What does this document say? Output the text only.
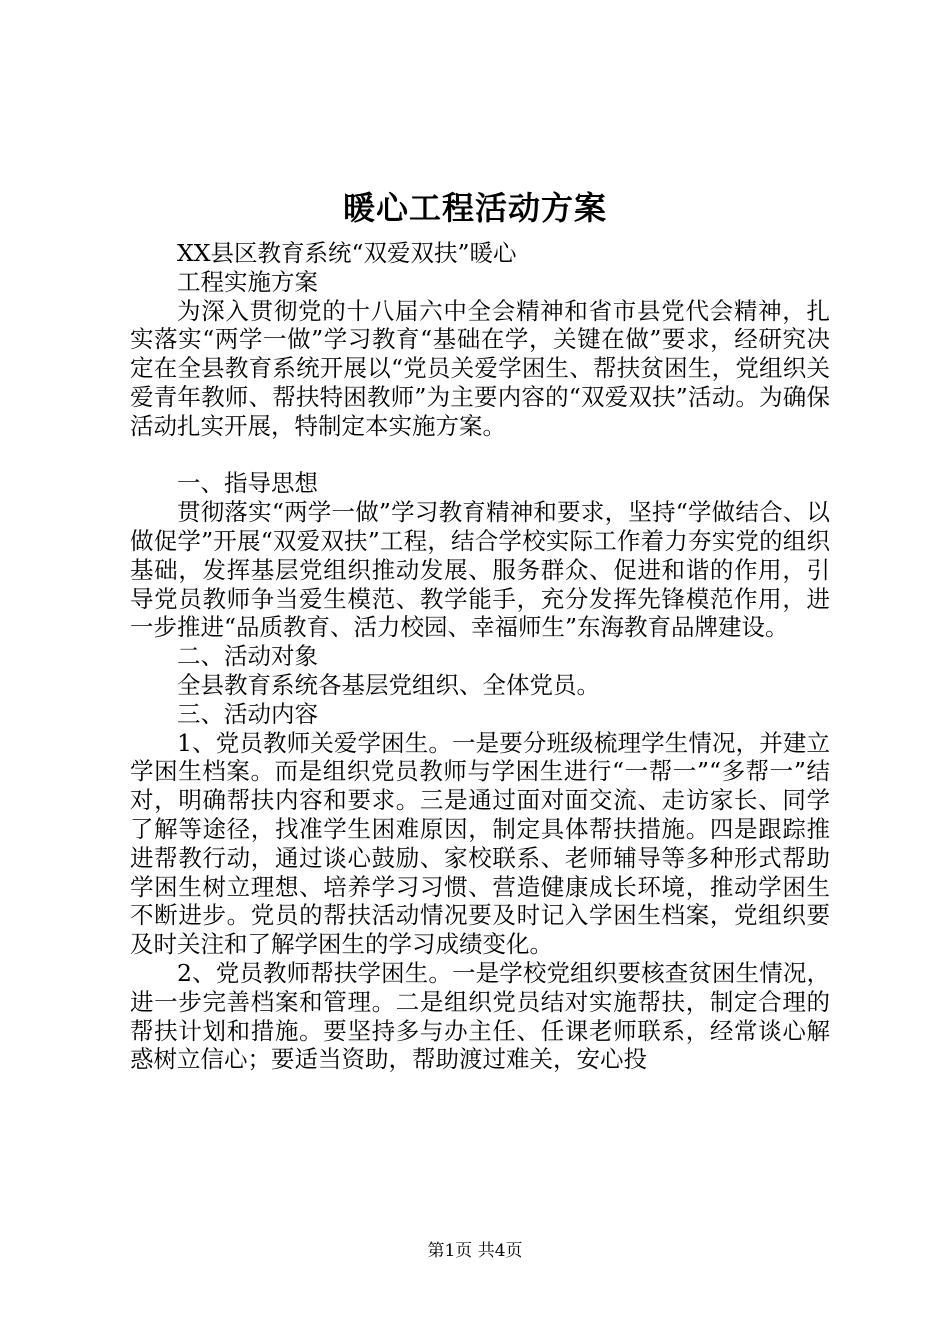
暖心工程活动方案

XX县区教育系统“双爱双扶”暖心

工程实施方案

为深入贯彻党的十八届六中全会精神和省市县党代会精神，扎实落实“两学一做”学习教育“基础在学，关键在做”要求，经研究决定在全县教育系统开展以“党员关爱学困生、帮扶贫困生，党组织关爱青年教师、帮扶特困教师”为主要内容的“双爱双扶”活动。为确保活动扎实开展，特制定本实施方案。

一、指导思想

贯彻落实“两学一做”学习教育精神和要求，坚持“学做结合、以做促学”开展“双爱双扶”工程，结合学校实际工作着力夯实党的组织基础，发挥基层党组织推动发展、服务群众、促进和谐的作用，引导党员教师争当爱生模范、教学能手，充分发挥先锋模范作用，进一步推进“品质教育、活力校园、幸福师生”东海教育品牌建设。

二、活动对象

全县教育系统各基层党组织、全体党员。

三、活动内容

1、党员教师关爱学困生。一是要分班级梳理学生情况，并建立学困生档案。而是组织党员教师与学困生进行“一帮一”“多帮一”结对，明确帮扶内容和要求。三是通过面对面交流、走访家长、同学了解等途径，找准学生困难原因，制定具体帮扶措施。四是跟踪推进帮教行动，通过谈心鼓励、家校联系、老师辅导等多种形式帮助学困生树立理想、培养学习习惯、营造健康成长环境，推动学困生不断进步。党员的帮扶活动情况要及时记入学困生档案，党组织要及时关注和了解学困生的学习成绩变化。

2、党员教师帮扶学困生。一是学校党组织要核查贫困生情况，进一步完善档案和管理。二是组织党员结对实施帮扶，制定合理的帮扶计划和措施。要坚持多与办主任、任课老师联系，经常谈心解惑树立信心；要适当资助，帮助渡过难关，安心投

第1页 共4页
